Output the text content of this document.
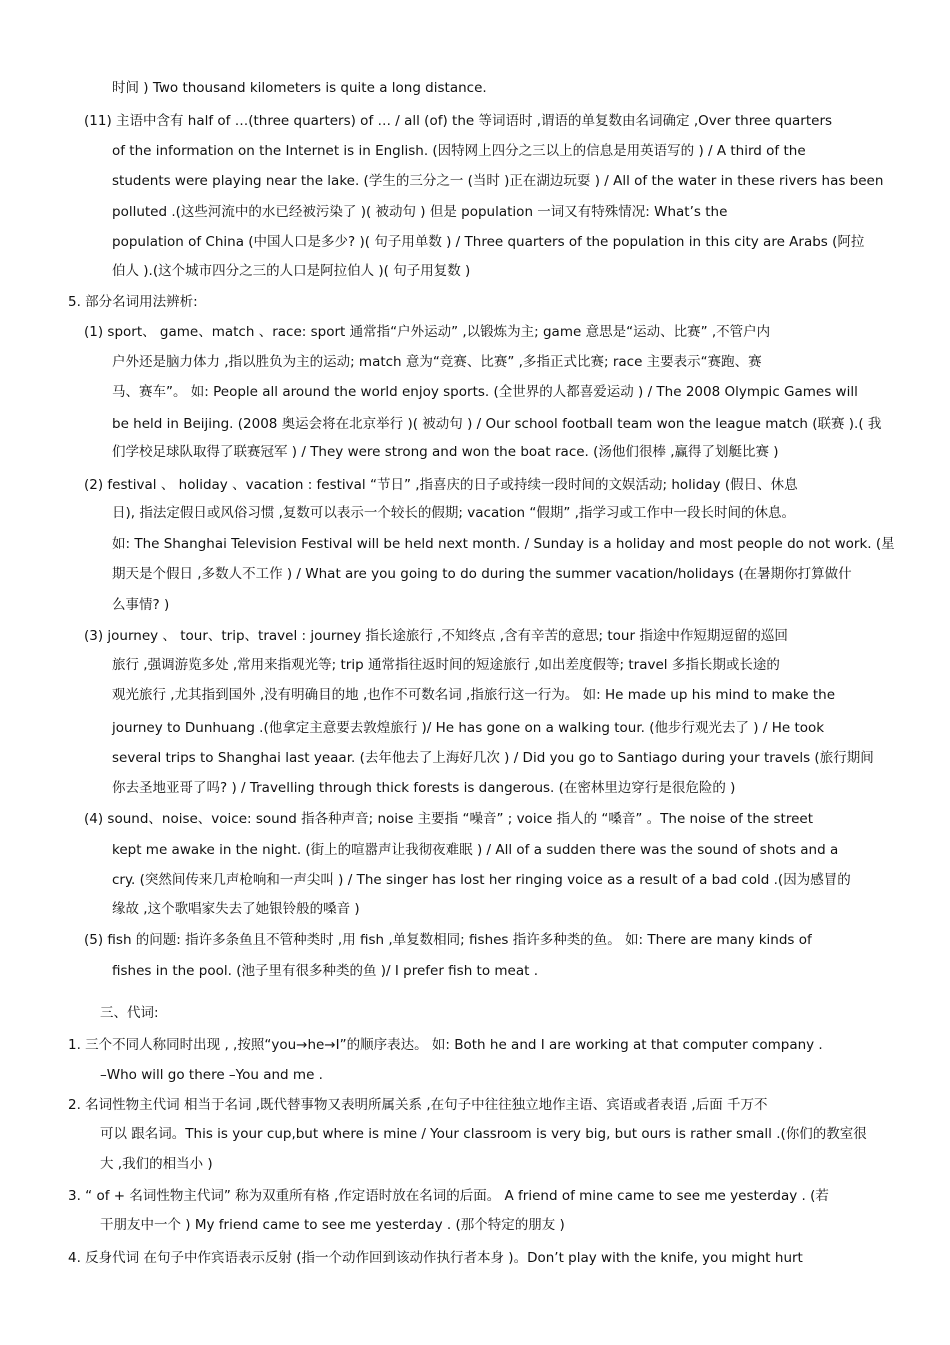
时间 ) Two thousand kilometers is quite a long distance.
(11) 主语中含有 half of …(three quarters) of … / all (of) the 等词语时 ,谓语的单复数由名词确定 ,Over three quarters
of the information on the Internet is in English. (因特网上四分之三以上的信息是用英语写的 ) / A third of the
students were playing near the lake. (学生的三分之一 (当时 )正在湖边玩耍 ) / All of the water in these rivers has been
polluted .(这些河流中的水已经被污染了 )( 被动句 ) 但是 population 一词又有特殊情况: What’s the
population of China (中国人口是多少? )( 句子用单数 ) / Three quarters of the population in this city are Arabs (阿拉
伯人 ).(这个城市四分之三的人口是阿拉伯人 )( 句子用复数 )
5. 部分名词用法辨析:
(1) sport、 game、match 、race: sport 通常指“户外运动” ,以锻炼为主; game 意思是“运动、比赛” ,不管户内
户外还是脑力体力 ,指以胜负为主的运动; match 意为“竞赛、比赛” ,多指正式比赛; race 主要表示“赛跑、赛
马、赛车”。 如: People all around the world enjoy sports. (全世界的人都喜爱运动 ) / The 2008 Olympic Games will
be held in Beijing. (2008 奥运会将在北京举行 )( 被动句 ) / Our school football team won the league match (联赛 ).( 我
们学校足球队取得了联赛冠军 ) / They were strong and won the boat race. (汤他们很棒 ,赢得了划艇比赛 )
(2) festival 、 holiday 、vacation : festival “节日” ,指喜庆的日子或持续一段时间的文娱活动; holiday (假日、休息
日), 指法定假日或风俗习惯 ,复数可以表示一个较长的假期; vacation “假期” ,指学习或工作中一段长时间的休息。
如: The Shanghai Television Festival will be held next month. / Sunday is a holiday and most people do not work. (星
期天是个假日 ,多数人不工作 ) / What are you going to do during the summer vacation/holidays (在暑期你打算做什
么事情? )
(3) journey 、 tour、trip、travel : journey 指长途旅行 ,不知终点 ,含有辛苦的意思; tour 指途中作短期逗留的巡回
旅行 ,强调游览多处 ,常用来指观光等; trip 通常指往返时间的短途旅行 ,如出差度假等; travel 多指长期或长途的
观光旅行 ,尤其指到国外 ,没有明确目的地 ,也作不可数名词 ,指旅行这一行为。 如: He made up his mind to make the
journey to Dunhuang .(他拿定主意要去敦煌旅行 )/ He has gone on a walking tour. (他步行观光去了 ) / He took
several trips to Shanghai last yeaar. (去年他去了上海好几次 ) / Did you go to Santiago during your travels (旅行期间
你去圣地亚哥了吗? ) / Travelling through thick forests is dangerous. (在密林里边穿行是很危险的 )
(4) sound、noise、voice: sound 指各种声音; noise 主要指 “噪音” ; voice 指人的 “嗓音” 。The noise of the street
kept me awake in the night. (街上的喧嚣声让我彻夜难眠 ) / All of a sudden there was the sound of shots and a
cry. (突然间传来几声枪响和一声尖叫 ) / The singer has lost her ringing voice as a result of a bad cold .(因为感冒的
缘故 ,这个歌唱家失去了她银铃般的嗓音 )
(5) fish 的问题: 指许多条鱼且不管种类时 ,用 fish ,单复数相同; fishes 指许多种类的鱼。 如: There are many kinds of
fishes in the pool. (池子里有很多种类的鱼 )/ I prefer fish to meat .
三、代词:
1. 三个不同人称同时出现 , ,按照“you→he→I”的顺序表达。 如: Both he and I are working at that computer company .
–Who will go there –You and me .
2. 名词性物主代词 相当于名词 ,既代替事物又表明所属关系 ,在句子中往往独立地作主语、宾语或者表语 ,后面 千万不
可以 跟名词。This is your cup,but where is mine / Your classroom is very big, but ours is rather small .(你们的教室很
大 ,我们的相当小 )
3. “ of + 名词性物主代词” 称为双重所有格 ,作定语时放在名词的后面。 A friend of mine came to see me yesterday . (若
干朋友中一个 ) My friend came to see me yesterday . (那个特定的朋友 )
4. 反身代词 在句子中作宾语表示反射 (指一个动作回到该动作执行者本身 )。Don’t play with the knife, you might hurt
